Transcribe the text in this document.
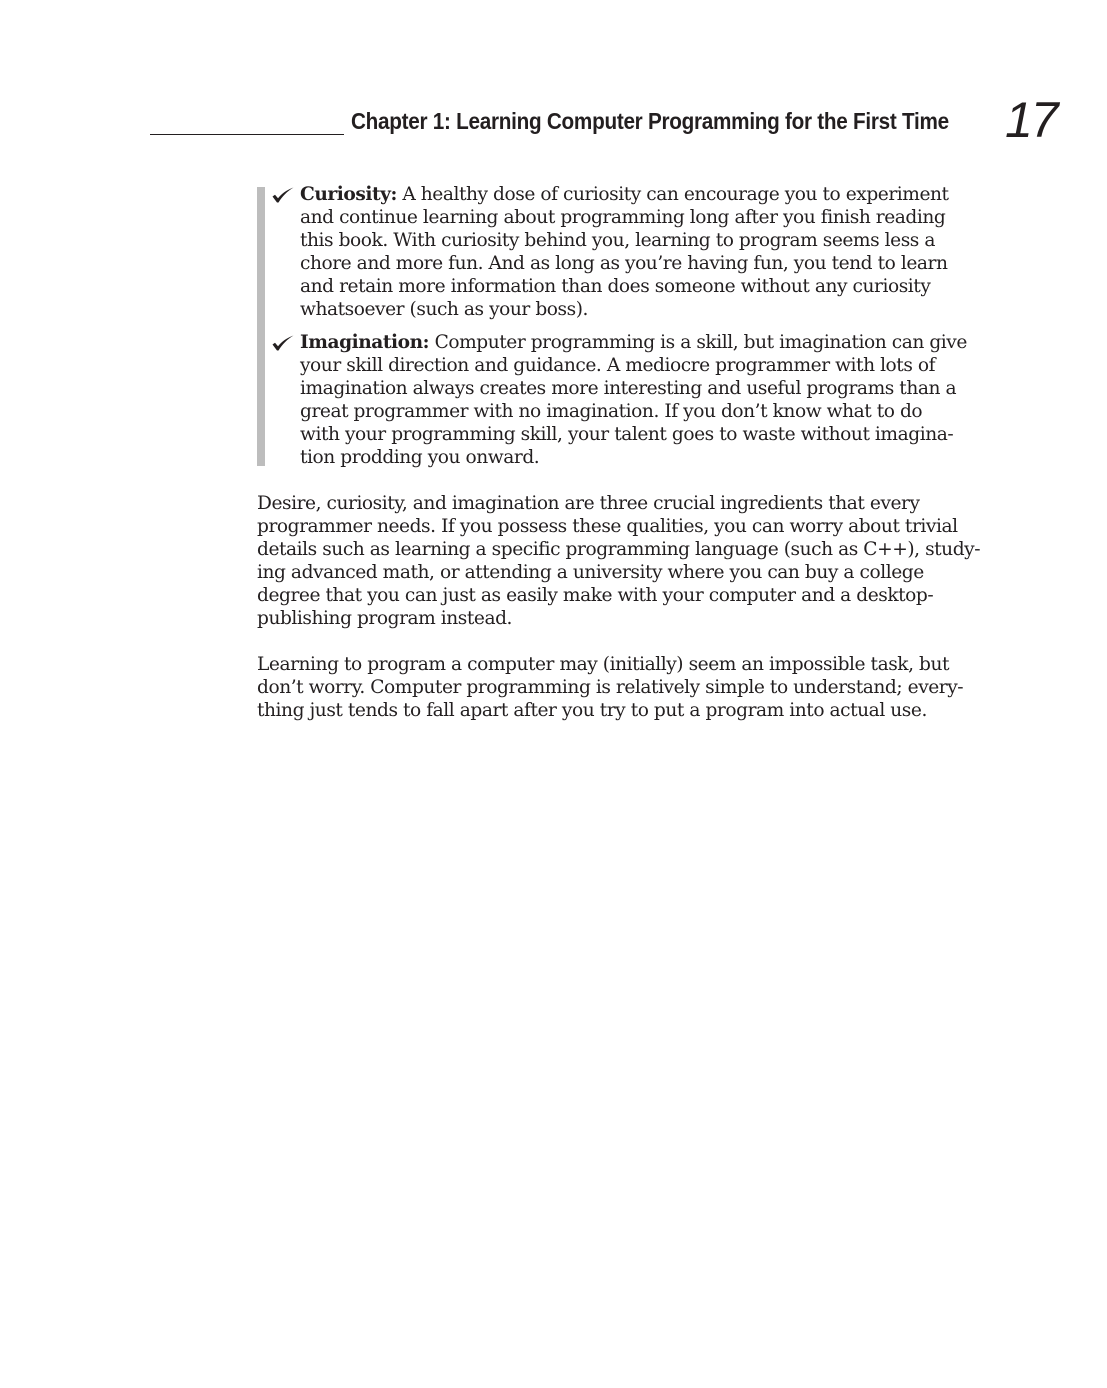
Chapter 1: Learning Computer Programming for the First Time 17
Curiosity: A healthy dose of curiosity can encourage you to experiment
and continue learning about programming long after you finish reading
this book. With curiosity behind you, learning to program seems less a
chore and more fun. And as long as you’re having fun, you tend to learn
and retain more information than does someone without any curiosity
whatsoever (such as your boss).
Imagination: Computer programming is a skill, but imagination can give
your skill direction and guidance. A mediocre programmer with lots of
imagination always creates more interesting and useful programs than a
great programmer with no imagination. If you don’t know what to do
with your programming skill, your talent goes to waste without imagina-
tion prodding you onward.

Desire, curiosity, and imagination are three crucial ingredients that every
programmer needs. If you possess these qualities, you can worry about trivial
details such as learning a specific programming language (such as C++), study-
ing advanced math, or attending a university where you can buy a college
degree that you can just as easily make with your computer and a desktop-
publishing program instead.

Learning to program a computer may (initially) seem an impossible task, but
don’t worry. Computer programming is relatively simple to understand; every-
thing just tends to fall apart after you try to put a program into actual use.
